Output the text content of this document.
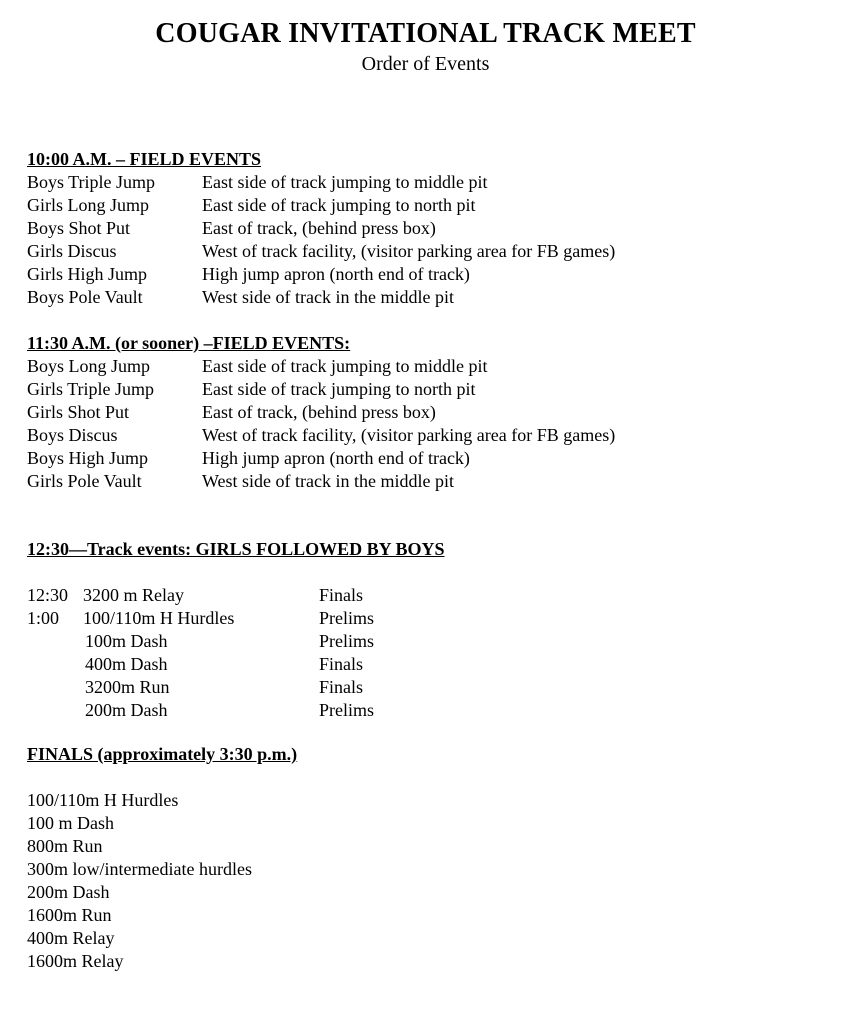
COUGAR INVITATIONAL TRACK MEET
Order of Events
10:00 A.M. – FIELD EVENTS
Boys Triple Jump	East side of track jumping to middle pit
Girls Long Jump	East side of track jumping to north pit
Boys Shot Put	East of track, (behind press box)
Girls Discus	West of track facility, (visitor parking area for FB games)
Girls High Jump	High jump apron (north end of track)
Boys Pole Vault	West side of track in the middle pit
11:30 A.M. (or sooner) –FIELD EVENTS:
Boys Long Jump	East side of track jumping to middle pit
Girls Triple Jump	East side of track jumping to north pit
Girls Shot Put	East of track, (behind press box)
Boys Discus	West of track facility, (visitor parking area for FB games)
Boys High Jump	High jump apron (north end of track)
Girls Pole Vault	West side of track in the middle pit
12:30—Track events: GIRLS FOLLOWED BY BOYS
12:30 3200 m Relay	Finals
1:00	100/110m H Hurdles	Prelims
100m Dash	Prelims
400m Dash	Finals
3200m Run	Finals
200m Dash	Prelims
FINALS (approximately 3:30 p.m.)
100/110m H Hurdles
100 m Dash
800m Run
300m low/intermediate hurdles
200m Dash
1600m Run
400m Relay
1600m Relay
